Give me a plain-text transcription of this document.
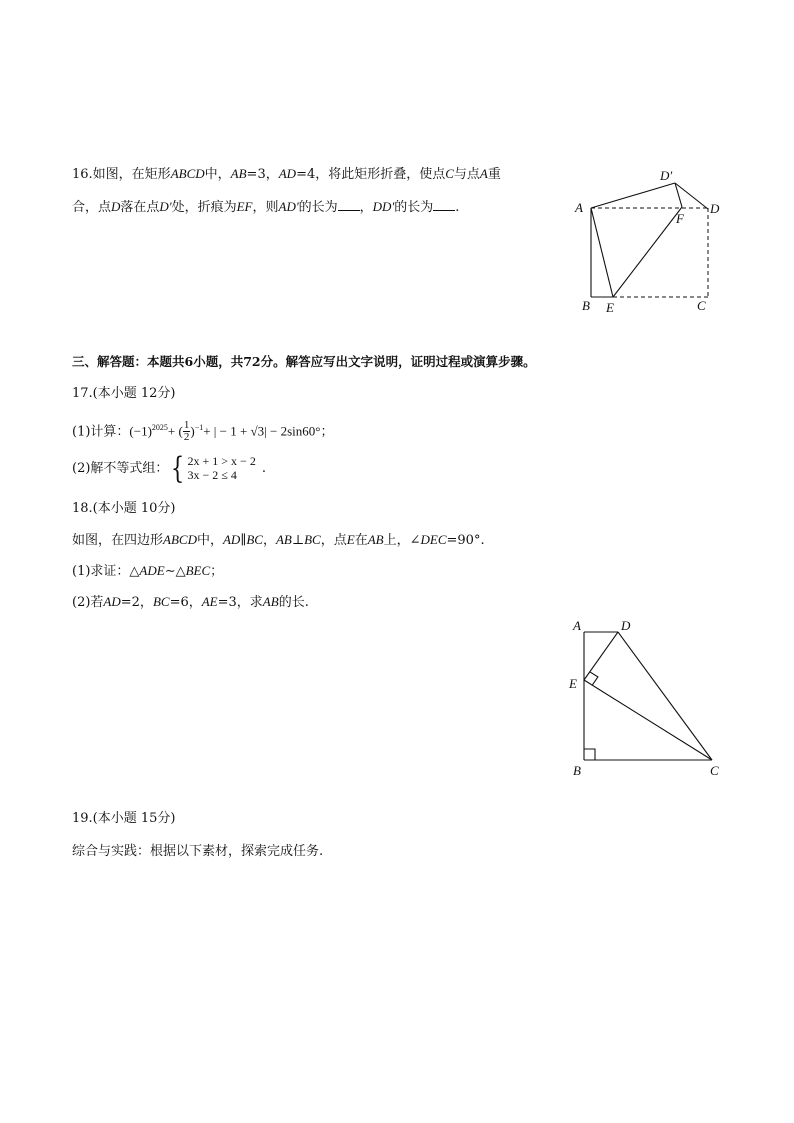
16.如图，在矩形ABCD中，AB=3，AD=4，将此矩形折叠，使点C与点A重
合，点D落在点D'处，折痕为EF，则AD'的长为 ，DD'的长为 .	A
B E	C
D
F
D′
三、解答题：本题共6小题，共72分。解答应写出文字说明，证明过程或演算步骤。
17.(本小题 12分)
(1)计算：$(-1)^{2025}+$ ( $\frac{1}{2} )^{-1}+$ | − 1 + √3| − 2sin60°；
(2)解不等式组：{ 2x + 1 > x − 2
3x − 2 ≤ 4	.
18.(本小题 10分)
如图，在四边形ABCD中，AD∥BC，AB⊥BC，点E在AB上，∠DEC=90°.
(1)求证：△ADE∼△BEC；
(2)若AD=2，BC=6，AE=3，求AB的长.
A	D
E
B	C
19.(本小题 15分)
综合与实践：根据以下素材，探索完成任务.
